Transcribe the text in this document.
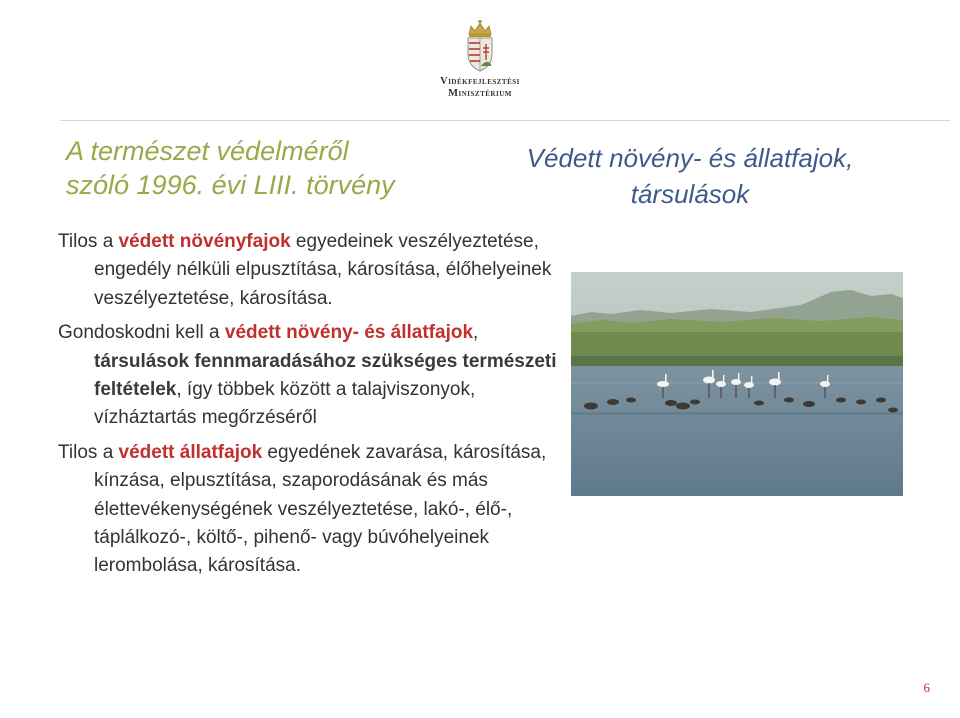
Vidékfejlesztési
Minisztérium
A természet védelméről
szóló 1996. évi LIII. törvény
Védett növény- és állatfajok,
társulások

Tilos a védett növényfajok egyedeinek veszélyeztetése, engedély nélküli elpusztítása, károsítása, élőhelyeinek veszélyeztetése, károsítása.

Gondoskodni kell a védett növény- és állatfajok, társulások fennmaradásához szükséges természeti feltételek, így többek között a talajviszonyok, vízháztartás megőrzéséről

Tilos a védett állatfajok egyedének zavarása, károsítása, kínzása, elpusztítása, szaporodásának és más élettevékenységének veszélyeztetése, lakó-, élő-, táplálkozó-, költő-, pihenő- vagy búvóhelyeinek lerombolása, károsítása.

6
